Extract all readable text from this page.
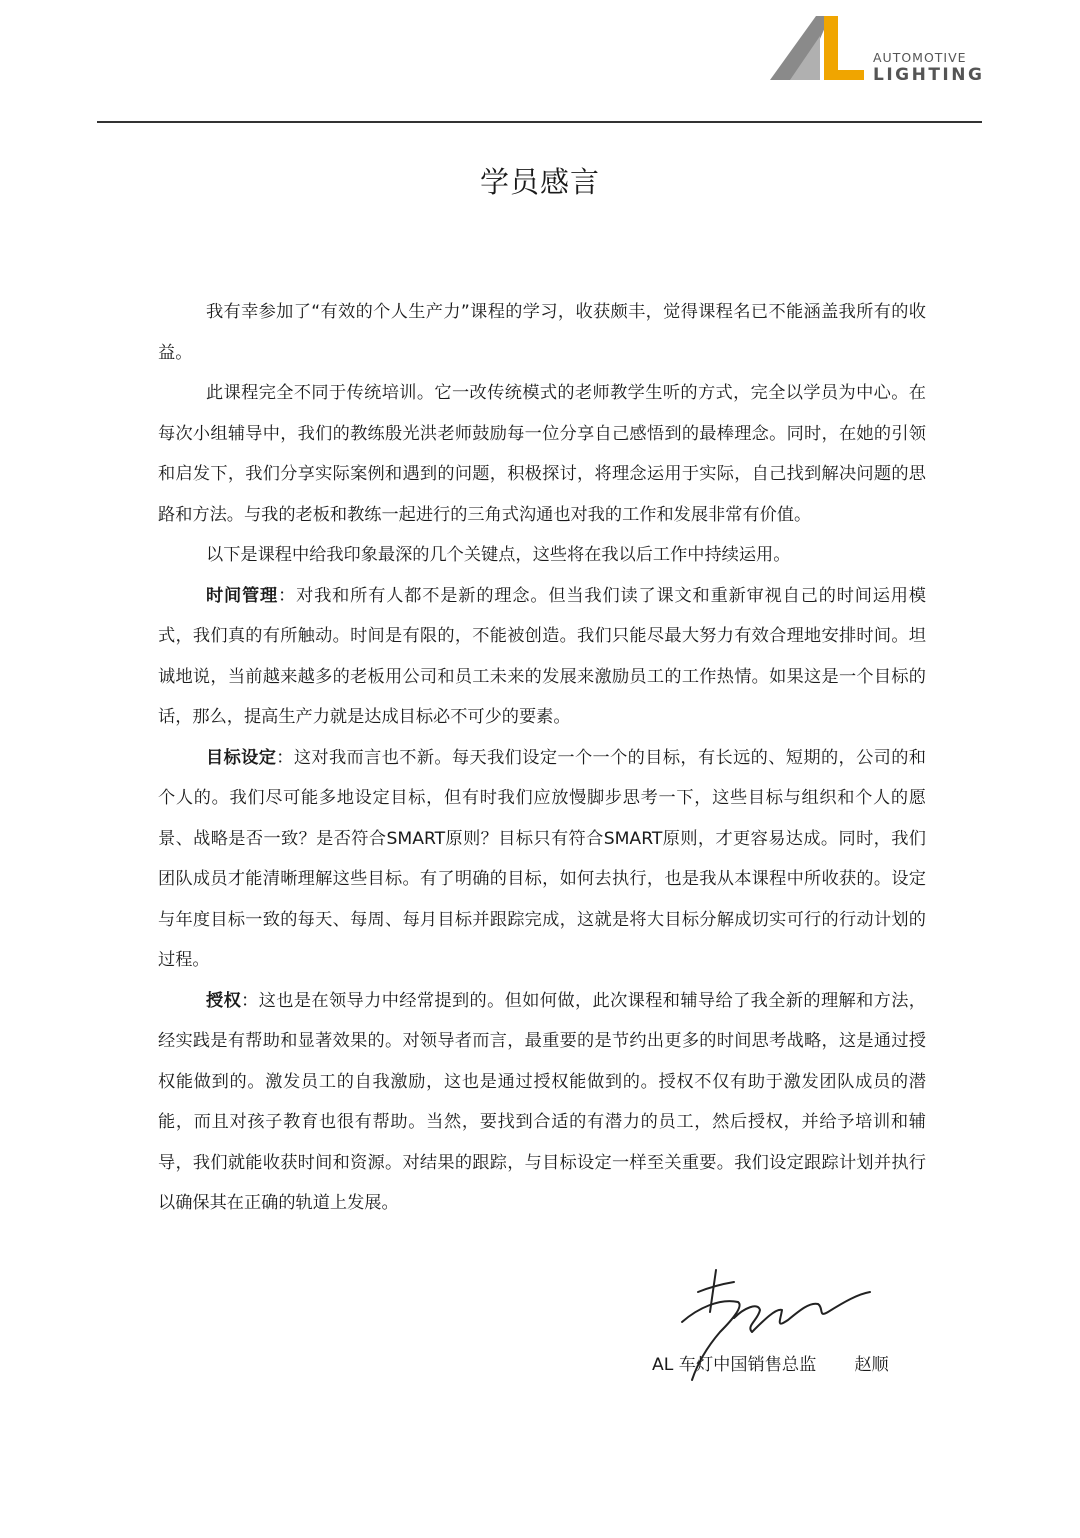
AUTOMOTIVE
LIGHTING
学员感言

我有幸参加了“有效的个人生产力”课程的学习，收获颇丰，觉得课程名已不能涵盖我所有的收益。

此课程完全不同于传统培训。它一改传统模式的老师教学生听的方式，完全以学员为中心。在每次小组辅导中，我们的教练殷光洪老师鼓励每一位分享自己感悟到的最棒理念。同时，在她的引领和启发下，我们分享实际案例和遇到的问题，积极探讨，将理念运用于实际，自己找到解决问题的思路和方法。与我的老板和教练一起进行的三角式沟通也对我的工作和发展非常有价值。

以下是课程中给我印象最深的几个关键点，这些将在我以后工作中持续运用。

时间管理：对我和所有人都不是新的理念。但当我们读了课文和重新审视自己的时间运用模式，我们真的有所触动。时间是有限的，不能被创造。我们只能尽最大努力有效合理地安排时间。坦诚地说，当前越来越多的老板用公司和员工未来的发展来激励员工的工作热情。如果这是一个目标的话，那么，提高生产力就是达成目标必不可少的要素。

目标设定：这对我而言也不新。每天我们设定一个一个的目标，有长远的、短期的，公司的和个人的。我们尽可能多地设定目标，但有时我们应放慢脚步思考一下，这些目标与组织和个人的愿景、战略是否一致？是否符合SMART原则？目标只有符合SMART原则，才更容易达成。同时，我们团队成员才能清晰理解这些目标。有了明确的目标，如何去执行，也是我从本课程中所收获的。设定与年度目标一致的每天、每周、每月目标并跟踪完成，这就是将大目标分解成切实可行的行动计划的过程。

授权：这也是在领导力中经常提到的。但如何做，此次课程和辅导给了我全新的理解和方法，经实践是有帮助和显著效果的。对领导者而言，最重要的是节约出更多的时间思考战略，这是通过授权能做到的。激发员工的自我激励，这也是通过授权能做到的。授权不仅有助于激发团队成员的潜能，而且对孩子教育也很有帮助。当然，要找到合适的有潜力的员工，然后授权，并给予培训和辅导，我们就能收获时间和资源。对结果的跟踪，与目标设定一样至关重要。我们设定跟踪计划并执行以确保其在正确的轨道上发展。

AL 车灯中国销售总监 赵顺
